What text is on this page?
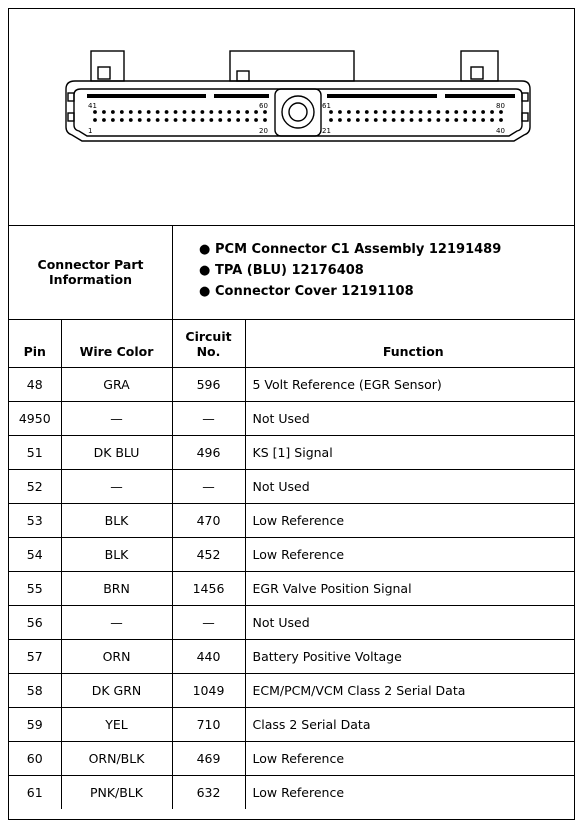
41	60	61	80
1	20	21	40
Connector Part Information
● PCM Connector C1 Assembly 12191489
● TPA (BLU) 12176408
● Connector Cover 12191108
Pin	Wire Color	Circuit No.	Function
48	GRA	596	5 Volt Reference (EGR Sensor)
4950	—	—	Not Used
51	DK BLU	496	KS [1] Signal
52	—	—	Not Used
53	BLK	470	Low Reference
54	BLK	452	Low Reference
55	BRN	1456	EGR Valve Position Signal
56	—	—	Not Used
57	ORN	440	Battery Positive Voltage
58	DK GRN	1049	ECM/PCM/VCM Class 2 Serial Data
59	YEL	710	Class 2 Serial Data
60	ORN/BLK	469	Low Reference
61	PNK/BLK	632	Low Reference
